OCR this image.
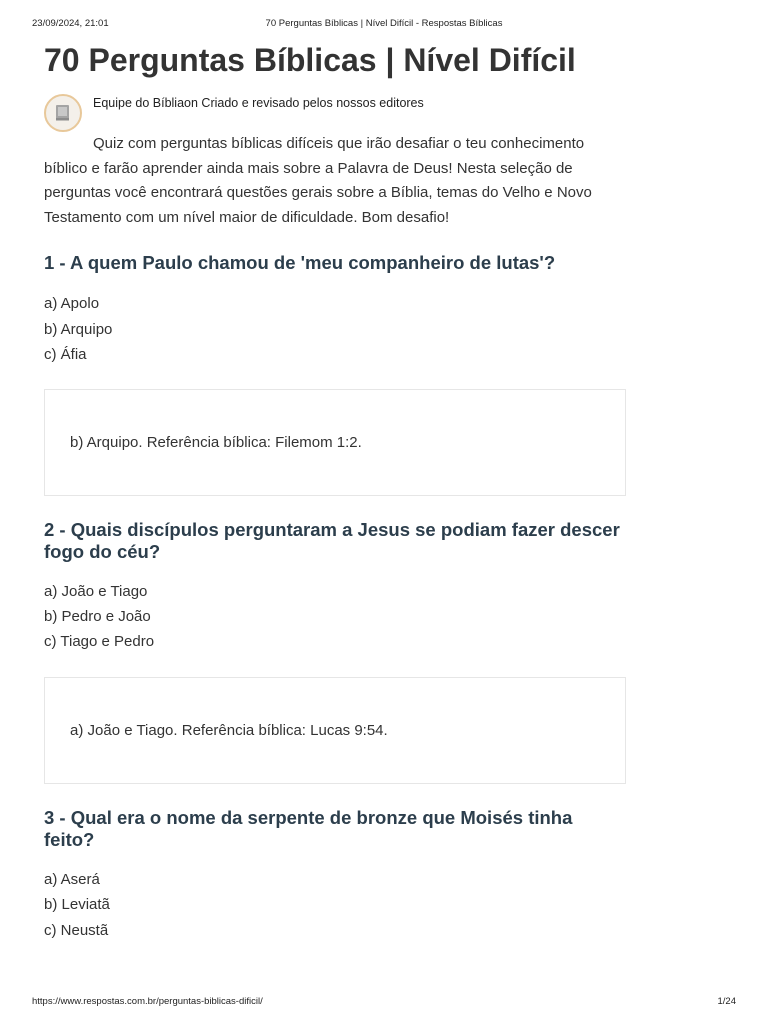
23/09/2024, 21:01	70 Perguntas Bíblicas | Nível Difícil - Respostas Bíblicas
70 Perguntas Bíblicas | Nível Difícil
Equipe do Bíbliaon Criado e revisado pelos nossos editores

Quiz com perguntas bíblicas difíceis que irão desafiar o teu conhecimento bíblico e farão aprender ainda mais sobre a Palavra de Deus! Nesta seleção de perguntas você encontrará questões gerais sobre a Bíblia, temas do Velho e Novo Testamento com um nível maior de dificuldade. Bom desafio!

1 - A quem Paulo chamou de 'meu companheiro de lutas'?
a) Apolo
b) Arquipo
c) Áfia
b) Arquipo. Referência bíblica: Filemom 1:2.
2 - Quais discípulos perguntaram a Jesus se podiam fazer descer fogo do céu?
a) João e Tiago
b) Pedro e João
c) Tiago e Pedro
a) João e Tiago. Referência bíblica: Lucas 9:54.
3 - Qual era o nome da serpente de bronze que Moisés tinha feito?
a) Aserá
b) Leviatã
c) Neustã
https://www.respostas.com.br/perguntas-biblicas-dificil/	1/24
